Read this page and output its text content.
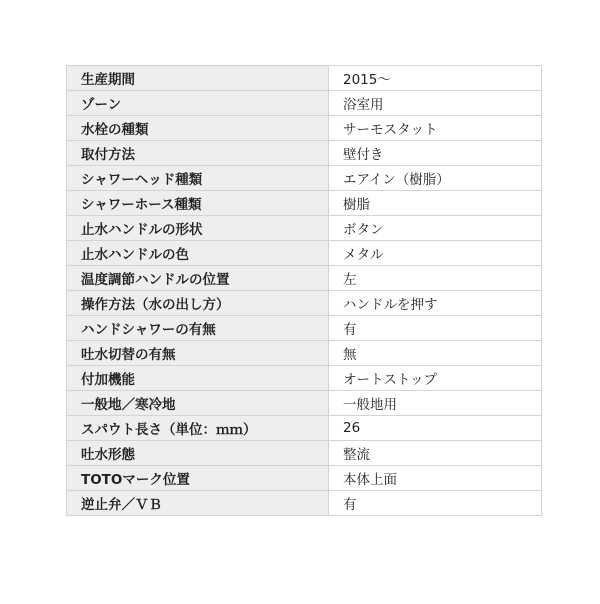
生産期間	2015～
ゾーン	浴室用
水栓の種類	サーモスタット
取付方法	壁付き
シャワーヘッド種類	エアイン（樹脂）
シャワーホース種類	樹脂
止水ハンドルの形状	ボタン
止水ハンドルの色	メタル
温度調節ハンドルの位置	左
操作方法（水の出し方）	ハンドルを押す
ハンドシャワーの有無	有
吐水切替の有無	無
付加機能	オートストップ
一般地／寒冷地	一般地用
スパウト長さ（単位：ｍｍ）	26
吐水形態	整流
TOTOマーク位置	本体上面
逆止弁／ＶＢ	有
